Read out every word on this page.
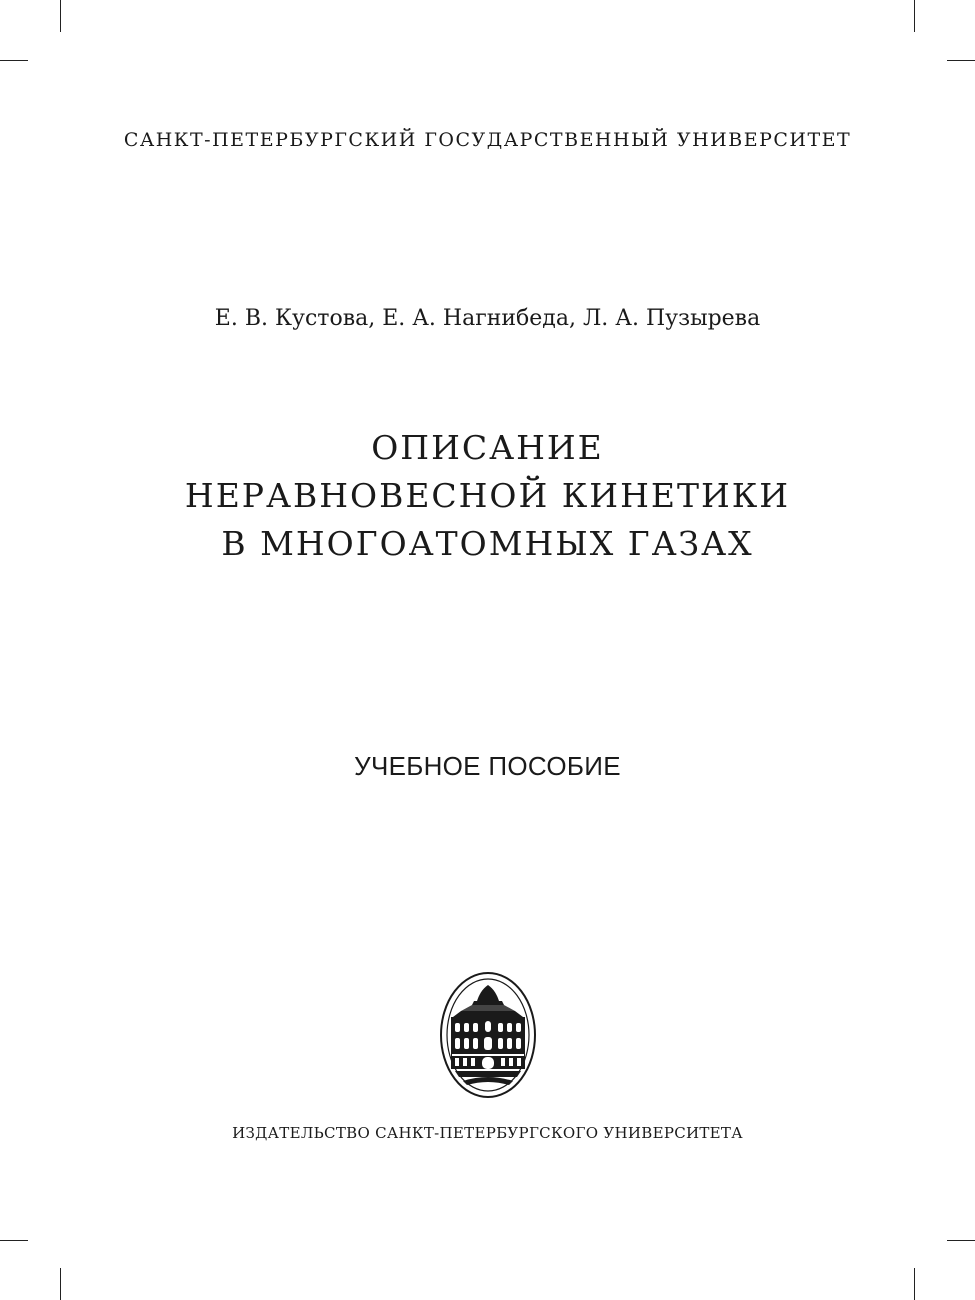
САНКТ-ПЕТЕРБУРГСКИЙ ГОСУДАРСТВЕННЫЙ УНИВЕРСИТЕТ
Е. В. Кустова, Е. А. Нагнибеда, Л. А. Пузырева
ОПИСАНИЕ
НЕРАВНОВЕСНОЙ КИНЕТИКИ
В МНОГОАТОМНЫХ ГАЗАХ
УЧЕБНОЕ ПОСОБИЕ
ИЗДАТЕЛЬСТВО САНКТ-ПЕТЕРБУРГСКОГО УНИВЕРСИТЕТА
